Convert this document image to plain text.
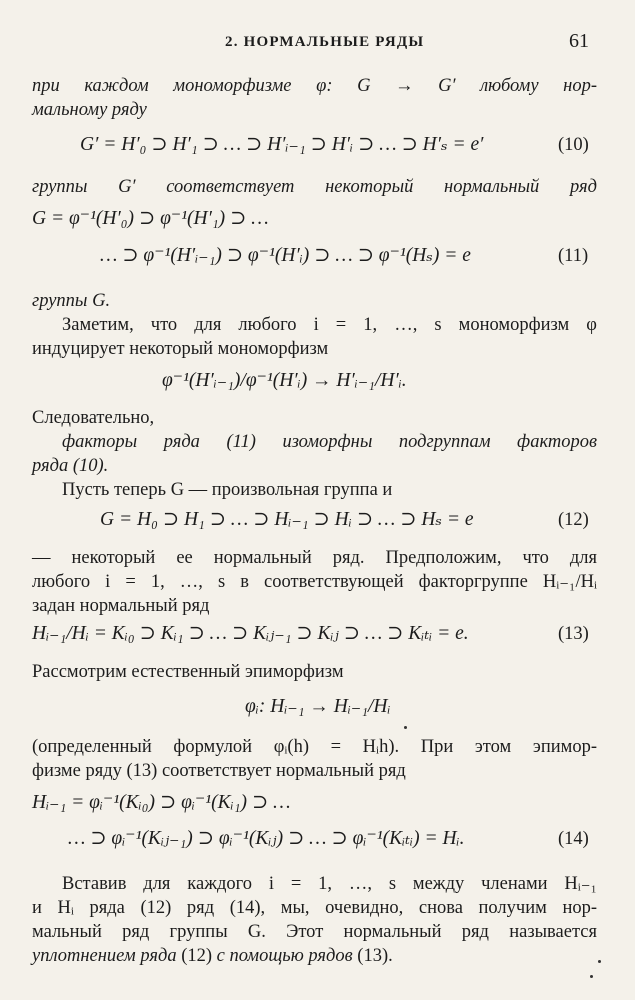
2. НОРМАЛЬНЫЕ РЯДЫ	61
при каждом мономорфизме φ: G → G′ любому нор-
мальному ряду
G′ = H′₀ ⊃ H′₁ ⊃ … ⊃ H′ᵢ₋₁ ⊃ H′ᵢ ⊃ … ⊃ H′ₛ = e′	(10)
группы G′ соответствует некоторый нормальный ряд
G = φ⁻¹(H′₀) ⊃ φ⁻¹(H′₁) ⊃ …
… ⊃ φ⁻¹(H′ᵢ₋₁) ⊃ φ⁻¹(H′ᵢ) ⊃ … ⊃ φ⁻¹(Hₛ) = e	(11)
группы G.
Заметим, что для любого i = 1, …, s мономорфизм φ
индуцирует некоторый мономорфизм
φ⁻¹(H′ᵢ₋₁)/φ⁻¹(H′ᵢ) → H′ᵢ₋₁/H′ᵢ.
Следовательно,
факторы ряда (11) изоморфны подгруппам факторов
ряда (10).
Пусть теперь G — произвольная группа и
G = H₀ ⊃ H₁ ⊃ … ⊃ Hᵢ₋₁ ⊃ Hᵢ ⊃ … ⊃ Hₛ = e	(12)
— некоторый ее нормальный ряд. Предположим, что для
любого i = 1, …, s в соответствующей факторгруппе Hᵢ₋₁/Hᵢ
задан нормальный ряд
Hᵢ₋₁/Hᵢ = Kᵢ₀ ⊃ Kᵢ₁ ⊃ … ⊃ Kᵢⱼ₋₁ ⊃ Kᵢⱼ ⊃ … ⊃ Kᵢₜᵢ = e.	(13)
Рассмотрим естественный эпиморфизм
φᵢ: Hᵢ₋₁ → Hᵢ₋₁/Hᵢ
(определенный формулой φᵢ(h) = Hᵢh). При этом эпимор-
физме ряду (13) соответствует нормальный ряд
Hᵢ₋₁ = φᵢ⁻¹(Kᵢ₀) ⊃ φᵢ⁻¹(Kᵢ₁) ⊃ …
… ⊃ φᵢ⁻¹(Kᵢⱼ₋₁) ⊃ φᵢ⁻¹(Kᵢⱼ) ⊃ … ⊃ φᵢ⁻¹(Kᵢₜᵢ) = Hᵢ.	(14)
Вставив для каждого i = 1, …, s между членами Hᵢ₋₁
и Hᵢ ряда (12) ряд (14), мы, очевидно, снова получим нор-
мальный ряд группы G. Этот нормальный ряд называется
уплотнением ряда (12) с помощью рядов (13).
